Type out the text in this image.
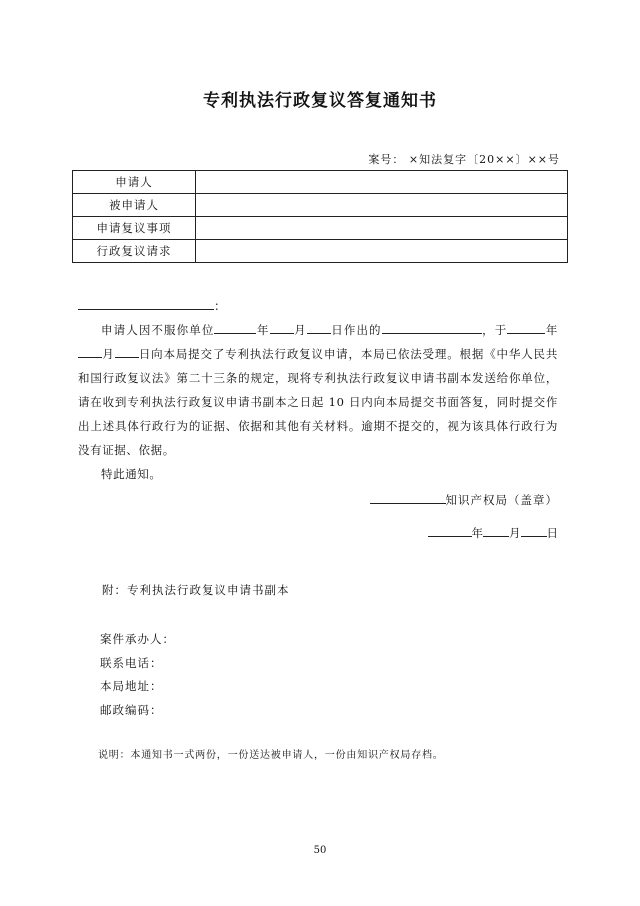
专利执法行政复议答复通知书
案号： ×知法复字〔20××〕××号
申请人	
被申请人	
申请复议事项	
行政复议请求	
：

申请人因不服你单位	年 月 日作出的	，于	年月 日向本局提交了专利执法行政复议申请，本局已依法受理。根据《中华人民共和国行政复议法》第二十三条的规定，现将专利执法行政复议申请书副本发送给你单位，请在收到专利执法行政复议申请书副本之日起 10 日内向本局提交书面答复，同时提交作出上述具体行政行为的证据、依据和其他有关材料。逾期不提交的，视为该具体行政行为没有证据、依据。

特此通知。

知识产权局（盖章）
年 月 日
附：专利执法行政复议申请书副本
案件承办人：
联系电话：
本局地址：
邮政编码：
说明：本通知书一式两份，一份送达被申请人，一份由知识产权局存档。
50
